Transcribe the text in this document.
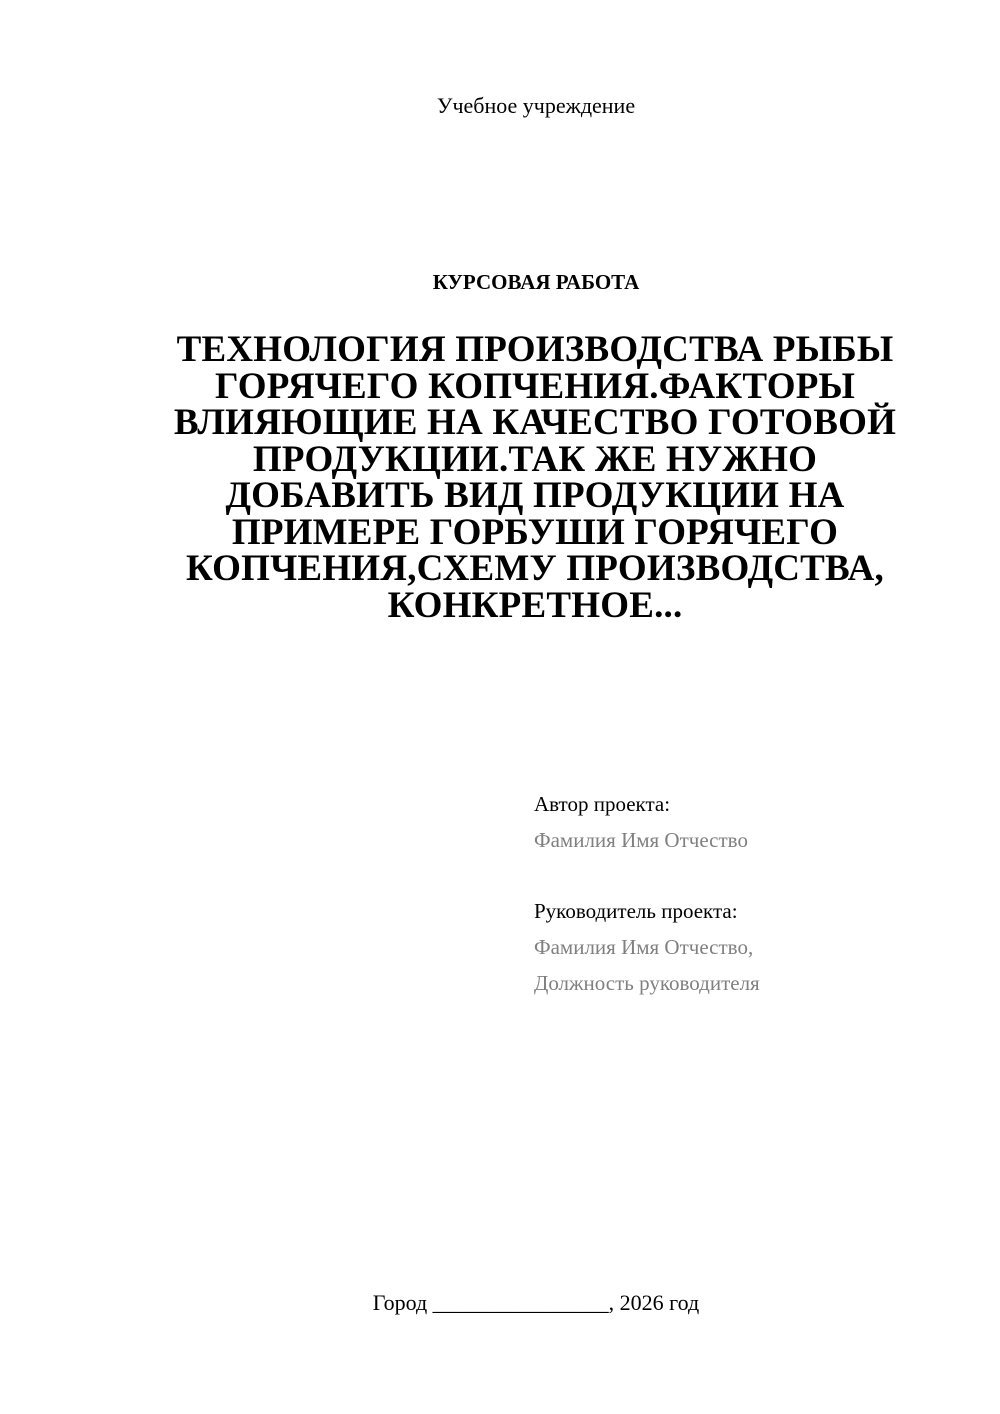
Учебное учреждение
КУРСОВАЯ РАБОТА
ТЕХНОЛОГИЯ ПРОИЗВОДСТВА РЫБЫ
ГОРЯЧЕГО КОПЧЕНИЯ.ФАКТОРЫ
ВЛИЯЮЩИЕ НА КАЧЕСТВО ГОТОВОЙ
ПРОДУКЦИИ.ТАК ЖЕ НУЖНО
ДОБАВИТЬ ВИД ПРОДУКЦИИ НА
ПРИМЕРЕ ГОРБУШИ ГОРЯЧЕГО
КОПЧЕНИЯ,СХЕМУ ПРОИЗВОДСТВА,
КОНКРЕТНОЕ...
Автор проекта:
Фамилия Имя Отчество
Руководитель проекта:
Фамилия Имя Отчество,
Должность руководителя
Город ________________, 2026 год
